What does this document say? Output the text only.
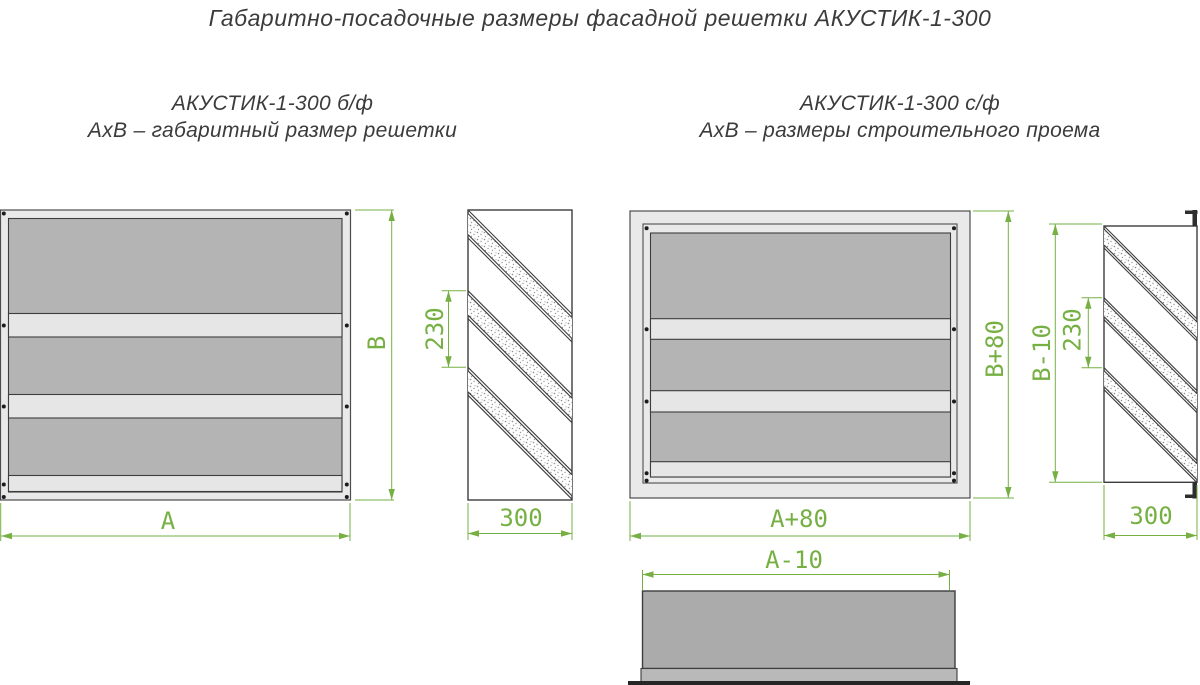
Габаритно-посадочные размеры фасадной решетки АКУСТИК-1-300
АКУСТИК-1-300 б/ф
АхВ – габаритный размер решетки
АКУСТИК-1-300 с/ф
АхВ – размеры строительного проема
В
А
230
300	А+80
В+80 В-10 230
300
А-10
